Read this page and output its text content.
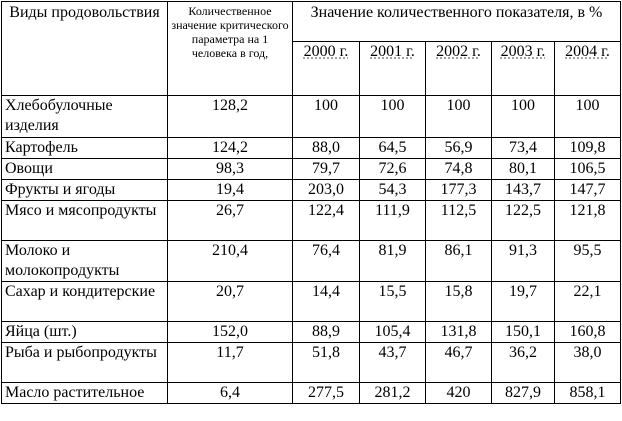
Виды продовольствия	Количественное значение критического параметра на 1 человека в год,	Значение количественного показателя, в %				
		2000 г.	2001 г.	2002 г.	2003 г.	2004 г.
Хлебобулочные изделия	128,2	100	100	100	100	100
Картофель	124,2	88,0	64,5	56,9	73,4	109,8
Овощи	98,3	79,7	72,6	74,8	80,1	106,5
Фрукты и ягоды	19,4	203,0	54,3	177,3	143,7	147,7
Мясо и мясопродукты	26,7	122,4	111,9	112,5	122,5	121,8
Молоко и молокопродукты	210,4	76,4	81,9	86,1	91,3	95,5
Сахар и кондитерские	20,7	14,4	15,5	15,8	19,7	22,1
Яйца (шт.)	152,0	88,9	105,4	131,8	150,1	160,8
Рыба и рыбопродукты	11,7	51,8	43,7	46,7	36,2	38,0
Масло растительное	6,4	277,5	281,2	420	827,9	858,1
